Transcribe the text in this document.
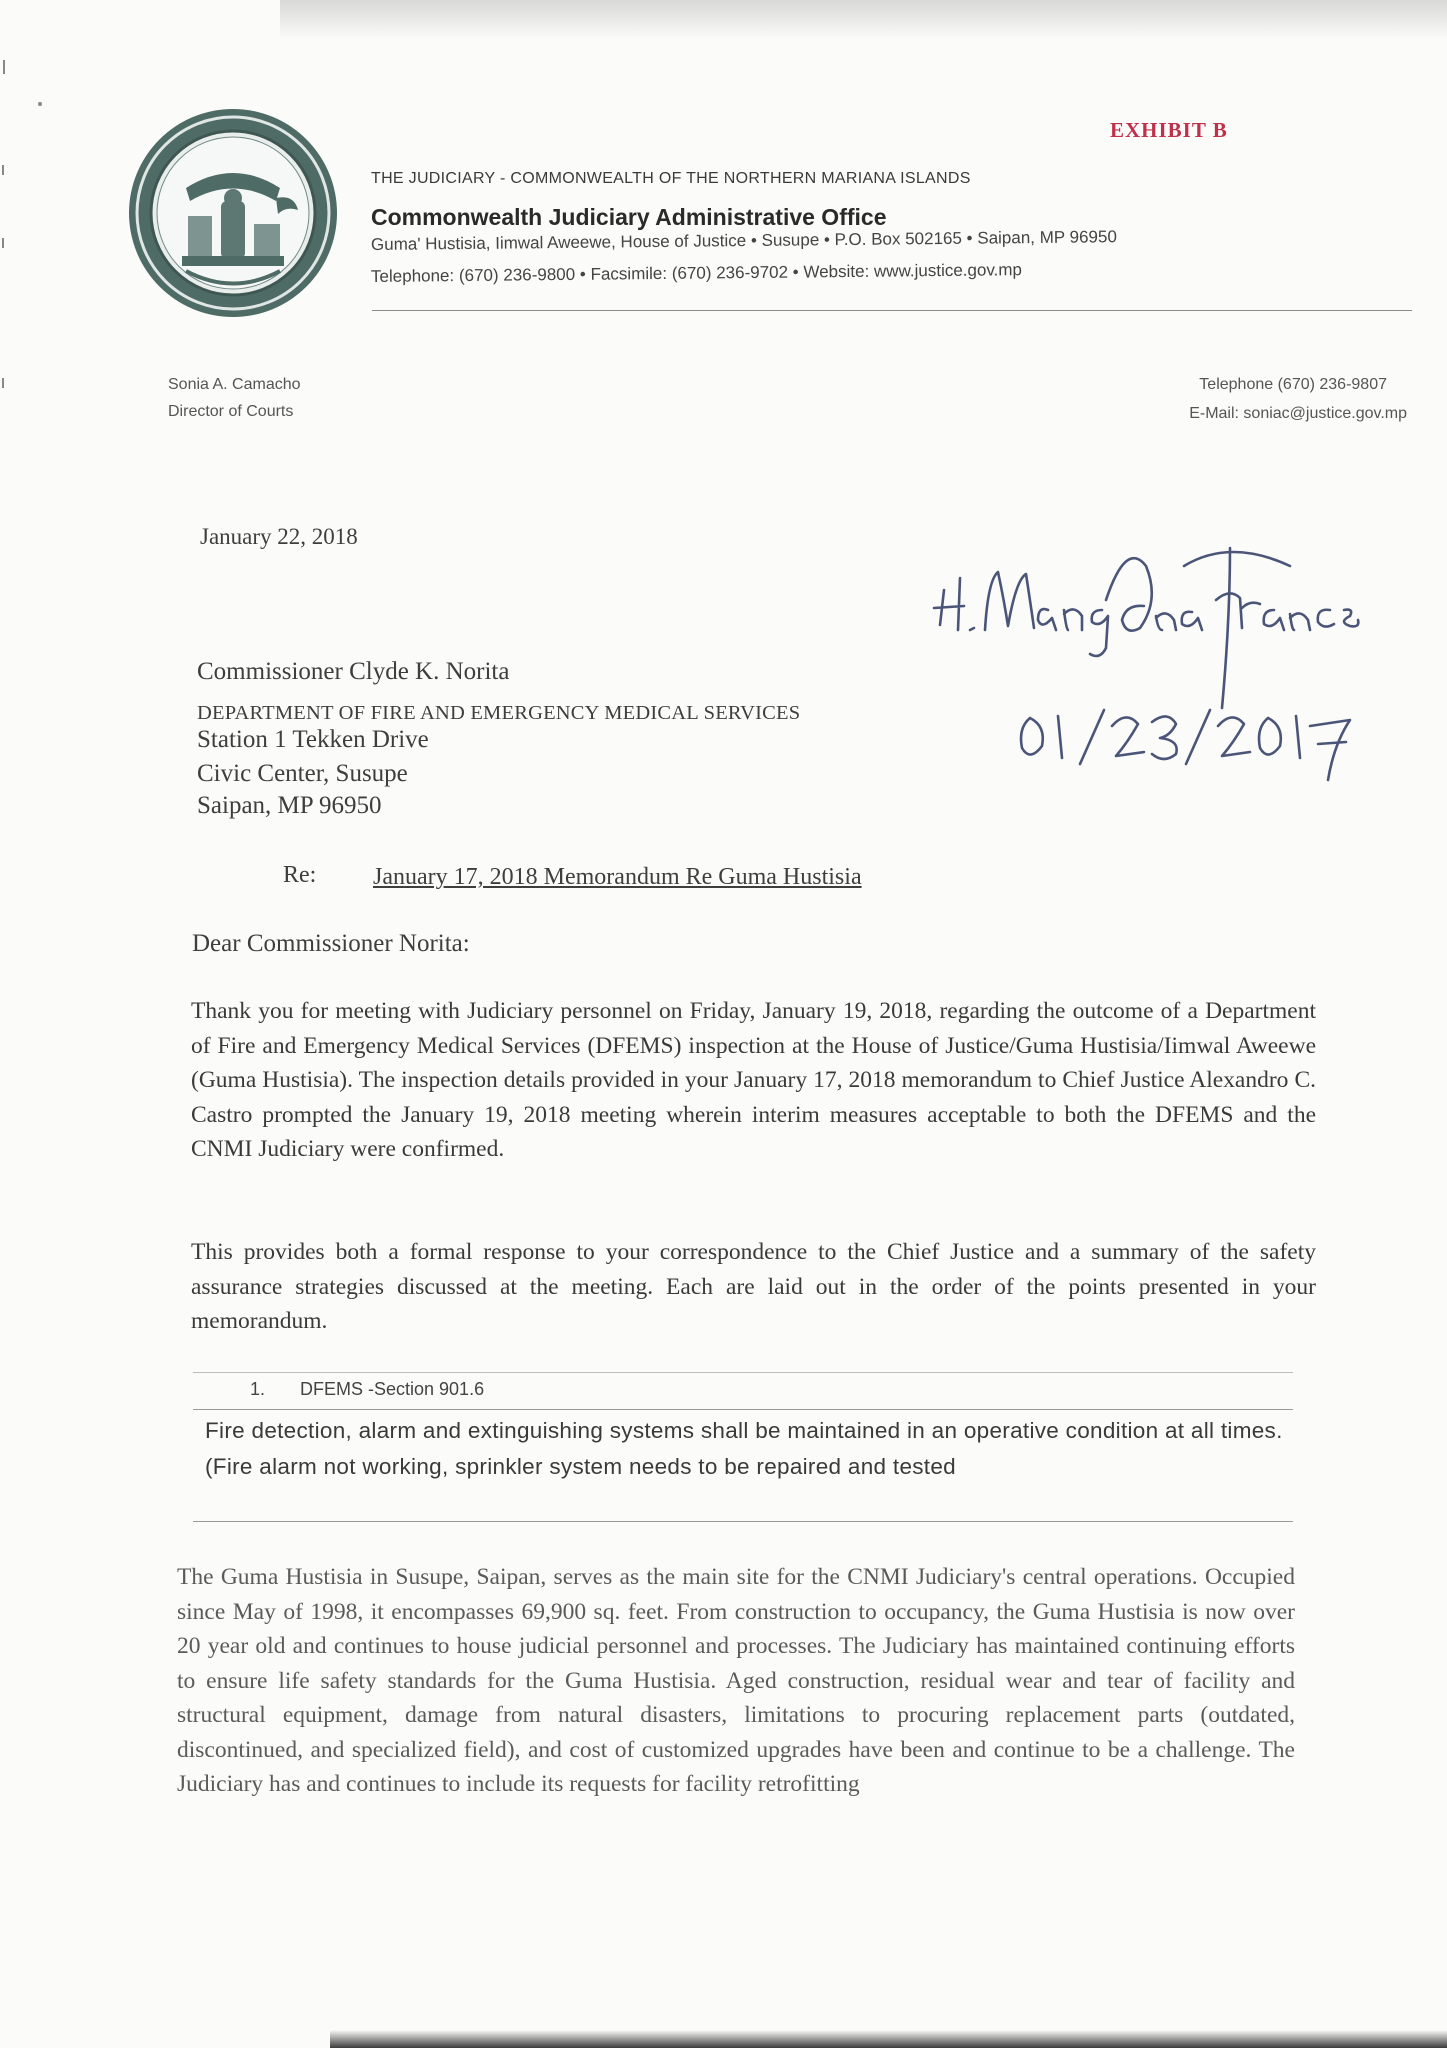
EXHIBIT B
THE JUDICIARY - COMMONWEALTH OF THE NORTHERN MARIANA ISLANDS
Commonwealth Judiciary Administrative Office
Guma' Hustisia, Iimwal Aweewe, House of Justice • Susupe • P.O. Box 502165 • Saipan, MP 96950
Telephone: (670) 236-9800 • Facsimile: (670) 236-9702 • Website: www.justice.gov.mp
Sonia A. Camacho
Director of Courts
Telephone (670) 236-9807
E-Mail: soniac@justice.gov.mp
January 22, 2018
Commissioner Clyde K. Norita
DEPARTMENT OF FIRE AND EMERGENCY MEDICAL SERVICES
Station 1 Tekken Drive
Civic Center, Susupe
Saipan, MP 96950
Re: January 17, 2018 Memorandum Re Guma Hustisia
Dear Commissioner Norita:

Thank you for meeting with Judiciary personnel on Friday, January 19, 2018, regarding the outcome of a Department of Fire and Emergency Medical Services (DFEMS) inspection at the House of Justice/Guma Hustisia/Iimwal Aweewe (Guma Hustisia). The inspection details provided in your January 17, 2018 memorandum to Chief Justice Alexandro C. Castro prompted the January 19, 2018 meeting wherein interim measures acceptable to both the DFEMS and the CNMI Judiciary were confirmed.

This provides both a formal response to your correspondence to the Chief Justice and a summary of the safety assurance strategies discussed at the meeting. Each are laid out in the order of the points presented in your memorandum.

1. DFEMS -Section 901.6

Fire detection, alarm and extinguishing systems shall be maintained in an operative condition at all times. (Fire alarm not working, sprinkler system needs to be repaired and tested

The Guma Hustisia in Susupe, Saipan, serves as the main site for the CNMI Judiciary's central operations. Occupied since May of 1998, it encompasses 69,900 sq. feet. From construction to occupancy, the Guma Hustisia is now over 20 year old and continues to house judicial personnel and processes. The Judiciary has maintained continuing efforts to ensure life safety standards for the Guma Hustisia. Aged construction, residual wear and tear of facility and structural equipment, damage from natural disasters, limitations to procuring replacement parts (outdated, discontinued, and specialized field), and cost of customized upgrades have been and continue to be a challenge. The Judiciary has and continues to include its requests for facility retrofitting
